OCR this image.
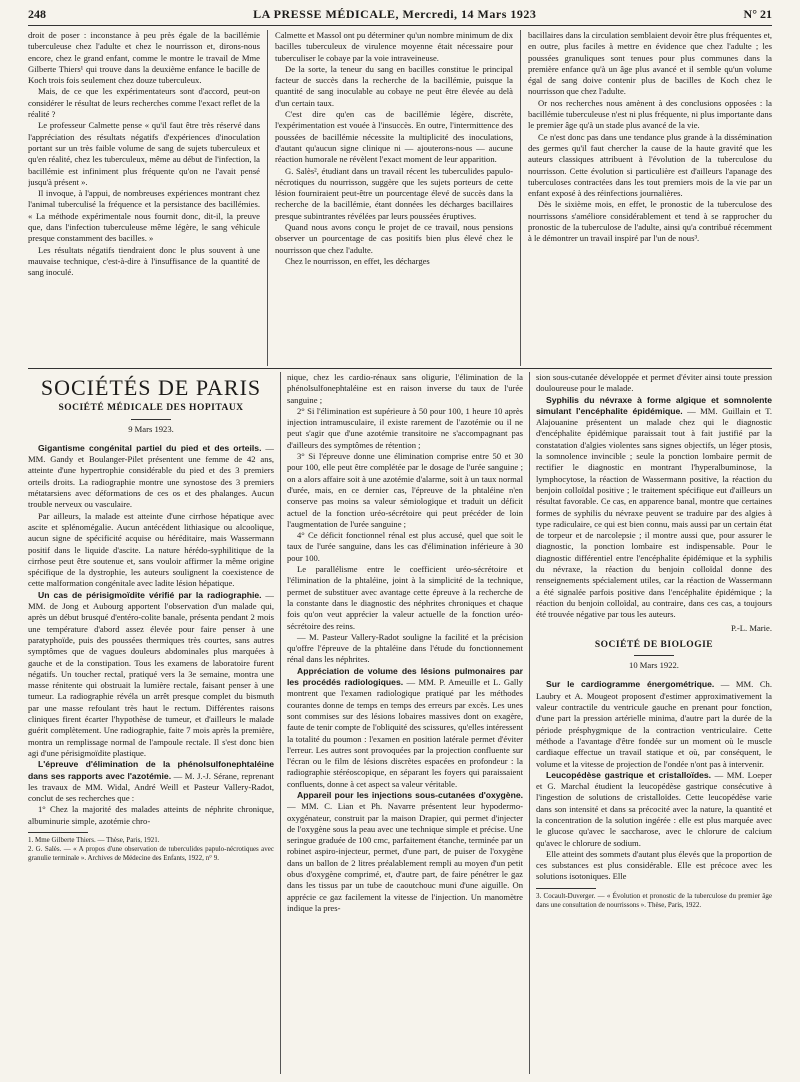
248	LA PRESSE MÉDICALE, Mercredi, 14 Mars 1923	N° 21

droit de poser : inconstance à peu près égale de la bacillémie tuberculeuse chez l'adulte et chez le nourrisson et, dirons-nous encore, chez le grand enfant, comme le montre le travail de Mme Gilberte Thiers¹ qui trouve dans la deuxième enfance le bacille de Koch trois fois seulement chez douze tuberculeux.

Mais, de ce que les expérimentateurs sont d'accord, peut-on considérer le résultat de leurs recherches comme l'exact reflet de la réalité ?

Le professeur Calmette pense « qu'il faut être très réservé dans l'appréciation des résultats négatifs d'expériences d'inoculation portant sur un très faible volume de sang de sujets tuberculeux et qu'en réalité, chez les tuberculeux, même au début de l'infection, la bacillémie est infiniment plus fréquente qu'on ne l'avait pensé jusqu'à présent ».

Il invoque, à l'appui, de nombreuses expériences montrant chez l'animal tuberculisé la fréquence et la persistance des bacillémies. « La méthode expérimentale nous fournit donc, dit-il, la preuve que, dans l'infection tuberculeuse même légère, le sang véhicule presque constamment des bacilles. »

Les résultats négatifs tiendraient donc le plus souvent à une mauvaise technique, c'est-à-dire à l'insuffisance de la quantité de sang inoculé.

Calmette et Massol ont pu déterminer qu'un nombre minimum de dix bacilles tuberculeux de virulence moyenne était nécessaire pour tuberculiser le cobaye par la voie intraveineuse.

De la sorte, la teneur du sang en bacilles constitue le principal facteur de succès dans la recherche de la bacillémie, puisque la quantité de sang inoculable au cobaye ne peut être élevée au delà d'un certain taux.

C'est dire qu'en cas de bacillémie légère, discrète, l'expérimentation est vouée à l'insuccès. En outre, l'intermittence des poussées de bacillémie nécessite la multiplicité des inoculations, d'autant qu'aucun signe clinique ni — ajouterons-nous — aucune réaction humorale ne révèlent l'exact moment de leur apparition.

G. Salès², étudiant dans un travail récent les tuberculides papulo-nécrotiques du nourrisson, suggère que les sujets porteurs de cette lésion fourniraient peut-être un pourcentage élevé de succès dans la recherche de la bacillémie, étant données les décharges bacillaires presque subintrantes révélées par leurs poussées éruptives.

Quand nous avons conçu le projet de ce travail, nous pensions observer un pourcentage de cas positifs bien plus élevé chez le nourrisson que chez l'adulte.

Chez le nourrisson, en effet, les décharges

bacillaires dans la circulation semblaient devoir être plus fréquentes et, en outre, plus faciles à mettre en évidence que chez l'adulte ; les poussées granuliques sont tenues pour plus communes dans la première enfance qu'à un âge plus avancé et il semble qu'un volume égal de sang doive contenir plus de bacilles de Koch chez le nourrisson que chez l'adulte.

Or nos recherches nous amènent à des conclusions opposées : la bacillémie tuberculeuse n'est ni plus fréquente, ni plus importante dans le premier âge qu'à un stade plus avancé de la vie.

Ce n'est donc pas dans une tendance plus grande à la dissémination des germes qu'il faut chercher la cause de la haute gravité que les auteurs classiques attribuent à l'évolution de la tuberculose du nourrisson. Cette évolution si particulière est d'ailleurs l'apanage des tuberculoses contractées dans les tout premiers mois de la vie par un enfant exposé à des réinfections journalières.

Dès le sixième mois, en effet, le pronostic de la tuberculose des nourrissons s'améliore considérablement et tend à se rapprocher du pronostic de la tuberculose de l'adulte, ainsi qu'a contribué récemment à le démontrer un travail inspiré par l'un de nous³.

SOCIÉTÉS DE PARIS
SOCIÉTÉ MÉDICALE DES HOPITAUX
9 Mars 1923.

Gigantisme congénital partiel du pied et des orteils. — MM. Gandy et Boulanger-Pilet présentent une femme de 42 ans, atteinte d'une hypertrophie considérable du pied et des 3 premiers orteils droits. La radiographie montre une synostose des 3 premiers métatarsiens avec déformations de ces os et des phalanges. Aucun trouble nerveux ou vasculaire.

Par ailleurs, la malade est atteinte d'une cirrhose hépatique avec ascite et splénomégalie. Aucun antécédent lithiasique ou alcoolique, aucun signe de spécificité acquise ou héréditaire, mais Wassermann positif dans le liquide d'ascite. La nature hérédo-syphilitique de la cirrhose peut être soutenue et, sans vouloir affirmer la même origine spécifique de la dystrophie, les auteurs soulignent la coexistence de cette malformation congénitale avec ladite lésion hépatique.

Un cas de périsigmoïdite vérifié par la radiographie. — MM. de Jong et Aubourg apportent l'observation d'un malade qui, après un début brusqué d'entéro-colite banale, présenta pendant 2 mois une température d'abord assez élevée pour faire penser à une paratyphoïde, puis des poussées thermiques très courtes, sans autres symptômes que de vagues douleurs abdominales plus marquées à gauche et de la constipation. Tous les examens de laboratoire furent négatifs. Un toucher rectal, pratiqué vers la 3e semaine, montra une masse rénitente qui obstruait la lumière rectale, faisant penser à une tumeur. La radiographie révéla un arrêt presque complet du bismuth par une masse refoulant très haut le rectum. Différentes raisons cliniques firent écarter l'hypothèse de tumeur, et d'ailleurs le malade guérit complètement. Une radiographie, faite 7 mois après la première, montra un remplissage normal de l'ampoule rectale. Il s'est donc bien agi d'une périsigmoïdite plastique.

L'épreuve d'élimination de la phénolsulfonephtaléine dans ses rapports avec l'azotémie. — M. J.-J. Sérane, reprenant les travaux de MM. Widal, André Weill et Pasteur Vallery-Radot, conclut de ses recherches que :

1° Chez la majorité des malades atteints de néphrite chronique, albuminurie simple, azotémie chro-

1. Mme Gilberte Thiers. — Thèse, Paris, 1921.

2. G. Salès. — « A propos d'une observation de tuberculides papulo-nécrotiques avec granulie terminale ». Archives de Médecine des Enfants, 1922, n° 9.

nique, chez les cardio-rénaux sans oligurie, l'élimination de la phénolsulfonephtaléine est en raison inverse du taux de l'urée sanguine ;

2° Si l'élimination est supérieure à 50 pour 100, 1 heure 10 après injection intramusculaire, il existe rarement de l'azotémie ou il ne peut s'agir que d'une azotémie transitoire ne s'accompagnant pas d'ailleurs des symptômes de rétention ;

3° Si l'épreuve donne une élimination comprise entre 50 et 30 pour 100, elle peut être complétée par le dosage de l'urée sanguine ; on a alors affaire soit à une azotémie d'alarme, soit à un taux normal d'urée, mais, en ce dernier cas, l'épreuve de la phtaléine n'en conserve pas moins sa valeur sémiologique et traduit un déficit actuel de la fonction uréo-sécrétoire qui peut précéder de loin l'augmentation de l'urée sanguine ;

4° Ce déficit fonctionnel rénal est plus accusé, quel que soit le taux de l'urée sanguine, dans les cas d'élimination inférieure à 30 pour 100.

Le parallélisme entre le coefficient uréo-sécrétoire et l'élimination de la phtaléine, joint à la simplicité de la technique, permet de substituer avec avantage cette épreuve à la recherche de la constante dans le diagnostic des néphrites chroniques et chaque fois qu'on veut apprécier la valeur actuelle de la fonction uréo-sécrétoire des reins.

— M. Pasteur Vallery-Radot souligne la facilité et la précision qu'offre l'épreuve de la phtaléine dans l'étude du fonctionnement rénal dans les néphrites.

Appréciation de volume des lésions pulmonaires par les procédés radiologiques. — MM. P. Ameuille et L. Gally montrent que l'examen radiologique pratiqué par les méthodes courantes donne de temps en temps des erreurs par excès. Les unes sont commises sur des lésions lobaires massives dont on exagère, faute de tenir compte de l'obliquité des scissures, qu'elles intéressent la totalité du poumon : l'examen en position latérale permet d'éviter l'erreur. Les autres sont provoquées par la projection confluente sur l'écran ou le film de lésions discrètes espacées en profondeur : la radiographie stéréoscopique, en séparant les foyers qui paraissaient confluents, donne à cet aspect sa valeur véritable.

Appareil pour les injections sous-cutanées d'oxygène. — MM. C. Lian et Ph. Navarre présentent leur hypodermo-oxygénateur, construit par la maison Drapier, qui permet d'injecter de l'oxygène sous la peau avec une technique simple et précise. Une seringue graduée de 100 cmc, parfaitement étanche, terminée par un robinet aspiro-injecteur, permet, d'une part, de puiser de l'oxygène dans un ballon de 2 litres préalablement rempli au moyen d'un petit obus d'oxygène comprimé, et, d'autre part, de faire pénétrer le gaz dans les tissus par un tube de caoutchouc muni d'une aiguille. On apprécie ce gaz facilement la vitesse de l'injection. Un manomètre indique la pres-

sion sous-cutanée développée et permet d'éviter ainsi toute pression douloureuse pour le malade.

Syphilis du névraxe à forme algique et somnolente simulant l'encéphalite épidémique. — MM. Guillain et T. Alajouanine présentent un malade chez qui le diagnostic d'encéphalite épidémique paraissait tout à fait justifié par la constatation d'algies violentes sans signes objectifs, un léger ptosis, la somnolence invincible ; seule la ponction lombaire permit de rectifier le diagnostic en montrant l'hyperalbuminose, la lymphocytose, la réaction de Wassermann positive, la réaction du benjoin colloïdal positive ; le traitement spécifique eut d'ailleurs un résultat favorable. Ce cas, en apparence banal, montre que certaines formes de syphilis du névraxe peuvent se traduire par des algies à type radiculaire, ce qui est bien connu, mais aussi par un certain état de torpeur et de narcolepsie ; il montre aussi que, pour assurer le diagnostic, la ponction lombaire est indispensable. Pour le diagnostic différentiel entre l'encéphalite épidémique et la syphilis du névraxe, la réaction du benjoin colloïdal donne des renseignements spécialement utiles, car la réaction de Wassermann a été signalée parfois positive dans l'encéphalite épidémique ; la réaction du benjoin colloïdal, au contraire, dans ces cas, a toujours été trouvée négative par tous les auteurs.

P.-L. Marie.
SOCIÉTÉ DE BIOLOGIE
10 Mars 1922.

Sur le cardiogramme énergométrique. — MM. Ch. Laubry et A. Mougeot proposent d'estimer approximativement la valeur contractile du ventricule gauche en prenant pour fonction, d'une part la pression artérielle minima, d'autre part la durée de la période présphygmique de la contraction ventriculaire. Cette méthode a l'avantage d'être fondée sur un moment où le muscle cardiaque effectue un travail statique et où, par conséquent, le volume et la vitesse de projection de l'ondée n'ont pas à intervenir.

Leucopédèse gastrique et cristalloïdes. — MM. Loeper et G. Marchal étudient la leucopédèse gastrique consécutive à l'ingestion de solutions de cristalloïdes. Cette leucopédèse varie dans son intensité et dans sa précocité avec la nature, la quantité et la concentration de la solution ingérée : elle est plus marquée avec le glucose qu'avec le saccharose, avec le chlorure de calcium qu'avec le chlorure de sodium.

Elle atteint des sommets d'autant plus élevés que la proportion de ces substances est plus considérable. Elle est précoce avec les solutions isotoniques. Elle

3. Cocault-Duverger. — « Évolution et pronostic de la tuberculose du premier âge dans une consultation de nourrissons ». Thèse, Paris, 1922.
